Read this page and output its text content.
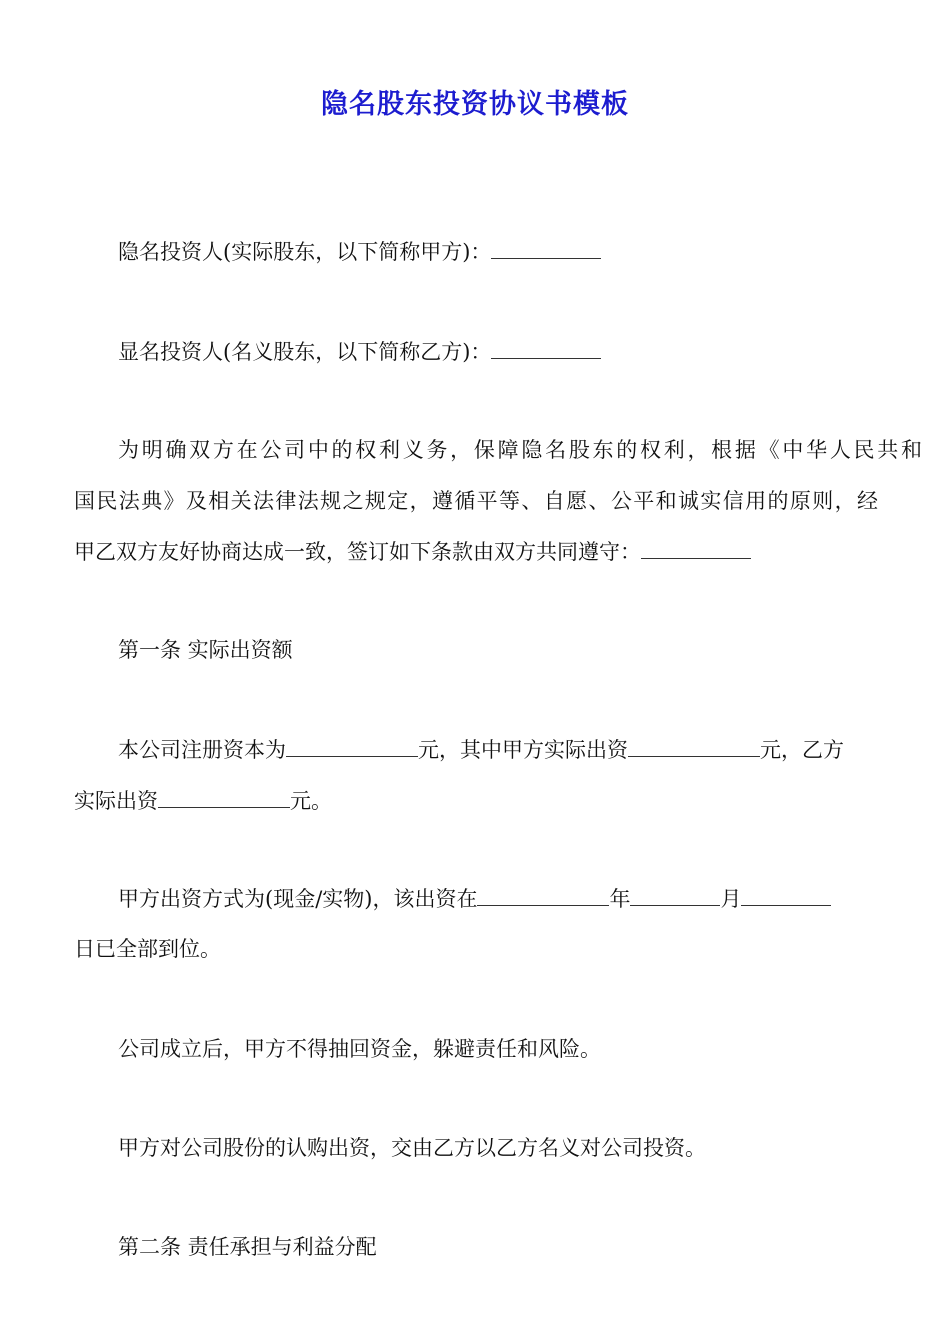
隐名股东投资协议书模板
隐名投资人(实际股东，以下简称甲方)：
显名投资人(名义股东，以下简称乙方)：
为明确双方在公司中的权利义务，保障隐名股东的权利，根据《中华人民共和
国民法典》及相关法律法规之规定，遵循平等、自愿、公平和诚实信用的原则，经
甲乙双方友好协商达成一致，签订如下条款由双方共同遵守：
第一条 实际出资额
本公司注册资本为	元，其中甲方实际出资	元，乙方
实际出资	元。
甲方出资方式为(现金/实物)，该出资在	年	月
日已全部到位。
公司成立后，甲方不得抽回资金，躲避责任和风险。
甲方对公司股份的认购出资，交由乙方以乙方名义对公司投资。
第二条 责任承担与利益分配
